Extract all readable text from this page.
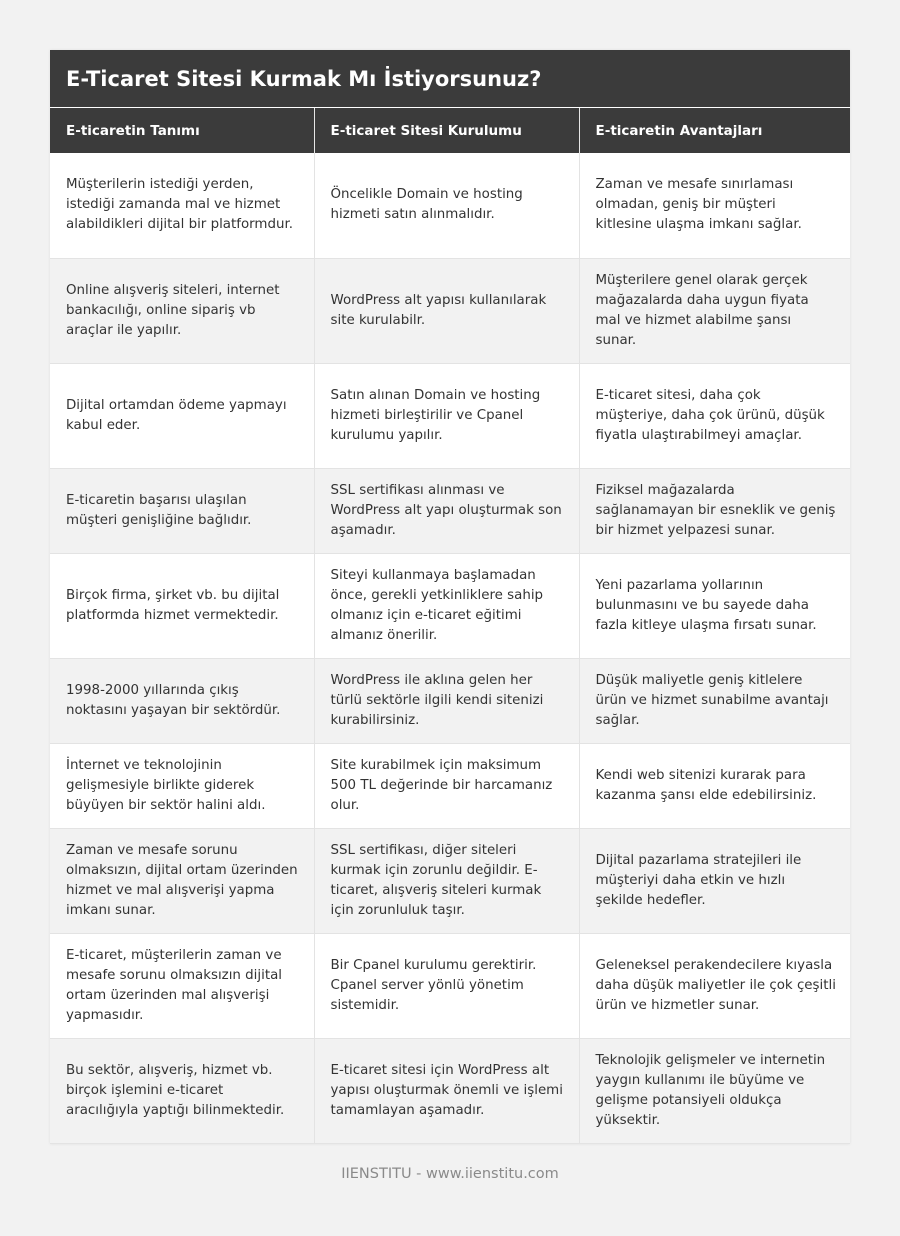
E-Ticaret Sitesi Kurmak Mı İstiyorsunuz?
E-ticaretin Tanımı	E-ticaret Sitesi Kurulumu	E-ticaretin Avantajları
Müşterilerin istediği yerden, istediği zamanda mal ve hizmet alabildikleri dijital bir platformdur.	Öncelikle Domain ve hosting hizmeti satın alınmalıdır.	Zaman ve mesafe sınırlaması olmadan, geniş bir müşteri kitlesine ulaşma imkanı sağlar.
Online alışveriş siteleri, internet bankacılığı, online sipariş vb araçlar ile yapılır.	WordPress alt yapısı kullanılarak site kurulabilr.	Müşterilere genel olarak gerçek mağazalarda daha uygun fiyata mal ve hizmet alabilme şansı sunar.
Dijital ortamdan ödeme yapmayı kabul eder.	Satın alınan Domain ve hosting hizmeti birleştirilir ve Cpanel kurulumu yapılır.	E-ticaret sitesi, daha çok müşteriye, daha çok ürünü, düşük fiyatla ulaştırabilmeyi amaçlar.
E-ticaretin başarısı ulaşılan müşteri genişliğine bağlıdır.	SSL sertifikası alınması ve WordPress alt yapı oluşturmak son aşamadır.	Fiziksel mağazalarda sağlanamayan bir esneklik ve geniş bir hizmet yelpazesi sunar.
Birçok firma, şirket vb. bu dijital platformda hizmet vermektedir.	Siteyi kullanmaya başlamadan önce, gerekli yetkinliklere sahip olmanız için e-ticaret eğitimi almanız önerilir.	Yeni pazarlama yollarının bulunmasını ve bu sayede daha fazla kitleye ulaşma fırsatı sunar.
1998-2000 yıllarında çıkış noktasını yaşayan bir sektördür.	WordPress ile aklına gelen her türlü sektörle ilgili kendi sitenizi kurabilirsiniz.	Düşük maliyetle geniş kitlelere ürün ve hizmet sunabilme avantajı sağlar.
İnternet ve teknolojinin gelişmesiyle birlikte giderek büyüyen bir sektör halini aldı.	Site kurabilmek için maksimum 500 TL değerinde bir harcamanız olur.	Kendi web sitenizi kurarak para kazanma şansı elde edebilirsiniz.
Zaman ve mesafe sorunu olmaksızın, dijital ortam üzerinden hizmet ve mal alışverişi yapma imkanı sunar.	SSL sertifikası, diğer siteleri kurmak için zorunlu değildir. E-ticaret, alışveriş siteleri kurmak için zorunluluk taşır.	Dijital pazarlama stratejileri ile müşteriyi daha etkin ve hızlı şekilde hedefler.
E-ticaret, müşterilerin zaman ve mesafe sorunu olmaksızın dijital ortam üzerinden mal alışverişi yapmasıdır.	Bir Cpanel kurulumu gerektirir. Cpanel server yönlü yönetim sistemidir.	Geleneksel perakendecilere kıyasla daha düşük maliyetler ile çok çeşitli ürün ve hizmetler sunar.
Bu sektör, alışveriş, hizmet vb. birçok işlemini e-ticaret aracılığıyla yaptığı bilinmektedir.	E-ticaret sitesi için WordPress alt yapısı oluşturmak önemli ve işlemi tamamlayan aşamadır.	Teknolojik gelişmeler ve internetin yaygın kullanımı ile büyüme ve gelişme potansiyeli oldukça yüksektir.
IIENSTITU - www.iienstitu.com
